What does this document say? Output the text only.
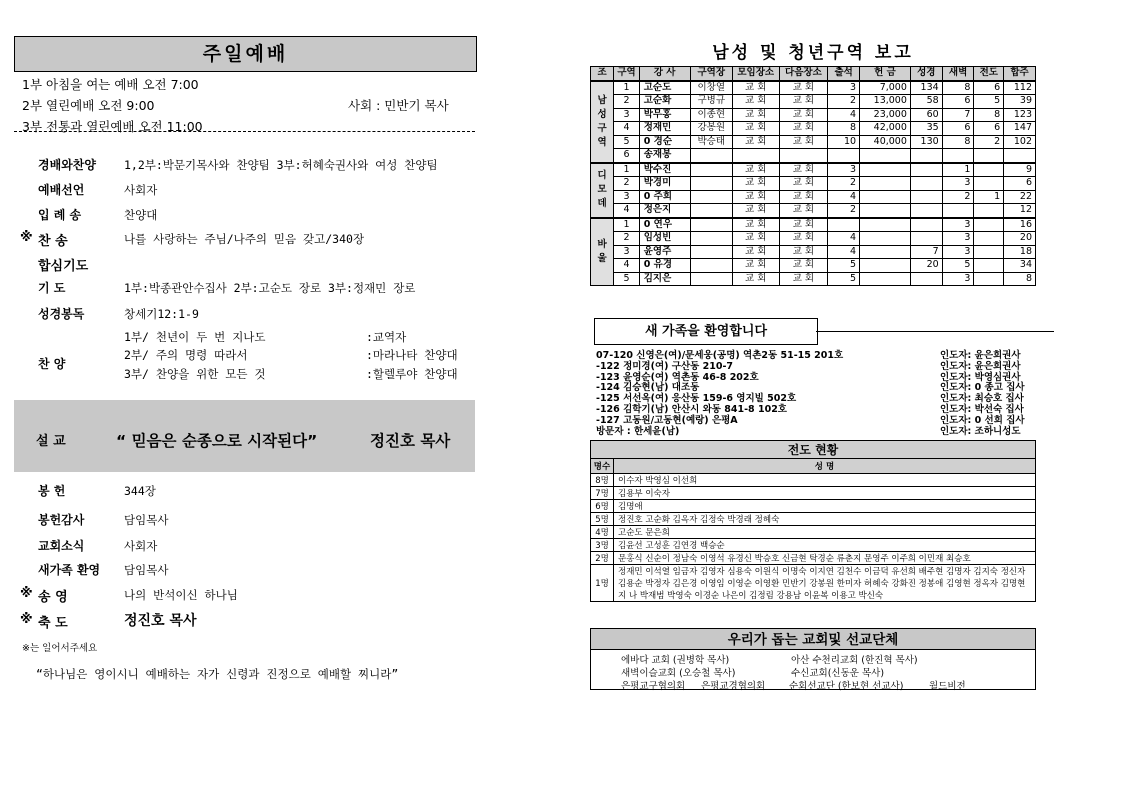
주일예배
1부 아침을 여는 예배 오전 7:00
2부 열린예배 오전 9:00	사회 : 민반기 목사
3부 전통과 열린예배 오전 11:00
경배와찬양 1,2부:박문기목사와 찬양팀 3부:허혜숙권사와 여성 찬양팀
예배선언	사회자
입 례 송	찬양대
※ 찬 송	나를 사랑하는 주님/나주의 믿음 갖고/340장
합심기도
기 도	1부:박종관안수집사 2부:고순도 장로 3부:정재민 장로
성경봉독	창세기12:1-9
찬 양
1부/ 천년이 두 번 지나도	:교역자
2부/ 주의 명령 따라서	:마라나타 찬양대
3부/ 찬양을 위한 모든 것	:할렐루야 찬양대
설 교	“ 믿음은 순종으로 시작된다”	정진호 목사
봉 헌	344장
봉헌감사	담임목사
교회소식	사회자
새가족 환영 담임목사
※ 송 영	나의 반석이신 하나님
※ 축 도	정진호 목사
※는 일어서주세요
“하나님은 영이시니 예배하는 자가 신령과 진정으로 예배할 찌니라”
남성 및 청년구역 보고
조	구역	강 사	구역장	모임장소	다음장소	출석	헌 금	성경	새벽	전도	합주
남
성
구
역	1	고순도	이창열	교 회	교 회	3	7,000	134	8	6	112
	2	고순화	구병규	교 회	교 회	2	13,000	58	6	5	39
	3	박무홍	이종현	교 회	교 회	4	23,000	60	7	8	123
	4	정재민	강봉원	교 회	교 회	8	42,000	35	6	6	147
	5	0 경순	박승태	교 회	교 회	10	40,000	130	8	2	102
	6	송재봉									
디
모
데	1	박수진		교 회	교 회	3			1		9
	2	박경미		교 회	교 회	2			3		6
	3	0 주희		교 회	교 회	4			2	1	22
	4	정은지		교 회	교 회	2					12
바
울	1	0 연우		교 회	교 회				3		16
	2	임성빈		교 회	교 회	4			3		20
	3	윤영주		교 회	교 회	4		7	3		18
	4	0 유경		교 회	교 회	5		20	5		34
	5	김지은		교 회	교 회	5			3		8
새 가족을 환영합니다
07-120 신영은(여)/문세웅(공명) 역촌2동 51-15 201호	인도자: 윤은희권사
-122 정미경(여) 구산동 210-7	인도자: 윤은희권사
-123 윤영순(여) 역촌동 46-8 202호	인도자: 박영심권사
-124 김승현(남) 대조동	인도자: 0 종고 집사
-125 서선옥(여) 응산동 159-6 영지빌 502호	인도자: 최승호 집사
-126 김학기(남) 안산시 와동 841-8 102호	인도자: 박선숙 집사
-127 고동원/고동현(예랑) 은평A	인도자: 0 선희 집사
방문자 : 한세윤(남)	인도자: 조하니성도
전도 현황
명수	성 명
8명	이수자 박영심 이선희
7명	김용부 이숙자
6명	김명애
5명	정진호 고순화 김옥자 김정숙 박경래 정혜숙
4명	고순도 문은희
3명	김윤선 고성훈 김연경 백승순
2명	문홍식 신순이 정남숙 이영석 유경신 박승호 신금현 탁경순 류춘지 문영주 이주희 이민재 최승호
1명	정재민 이석열 임금자 김영자 심용숙 이원식 이명숙 이지연 김천수 이금덕 유선희 배주현 김명자 김지숙 정신자 김용순 박정자 김은경 이영임 이영순 이영환 민반기 강봉원 한미자 허혜숙 강화진 정봉애 김영현 정옥자 김명현 지 나 박재범 박영숙 이경순 나은이 김정림 강용남 이윤복 이용고 박신숙
우리가 돕는 교회및 선교단체
에바다 교회 (권병학 목사)	아산 수천리교회 (한진혁 목사)
새벽이슬교회 (오승철 목사)	수신교회(신동운 목사)
은평교구협의회 은평교경협의회	순회선교단 (한보현 선교사)	월드비전
